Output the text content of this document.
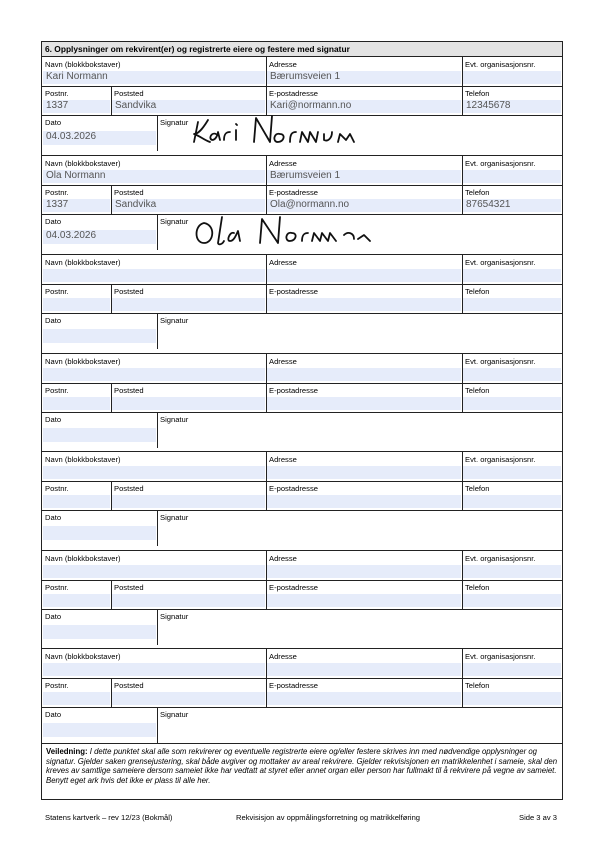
6. Opplysninger om rekvirent(er) og registrerte eiere og festere med signatur
Navn (blokkbokstaver)	Adresse	Evt. organisasjonsnr.
Kari Normann	Bærumsveien 1
Postnr.	Poststed	E-postadresse	Telefon
1337	Sandvika	Kari@normann.no	12345678
Dato	Signatur
04.03.2026
Navn (blokkbokstaver)	Adresse	Evt. organisasjonsnr.
Ola Normann	Bærumsveien 1
Postnr.	Poststed	E-postadresse	Telefon
1337	Sandvika	Ola@normann.no	87654321
Dato	Signatur
04.03.2026
Navn (blokkbokstaver)	Adresse	Evt. organisasjonsnr.
Postnr.	Poststed	E-postadresse	Telefon
Dato	Signatur
Navn (blokkbokstaver)	Adresse	Evt. organisasjonsnr.
Postnr.	Poststed	E-postadresse	Telefon
Dato	Signatur
Navn (blokkbokstaver)	Adresse	Evt. organisasjonsnr.
Postnr.	Poststed	E-postadresse	Telefon
Dato	Signatur
Navn (blokkbokstaver)	Adresse	Evt. organisasjonsnr.
Postnr.	Poststed	E-postadresse	Telefon
Dato	Signatur
Navn (blokkbokstaver)	Adresse	Evt. organisasjonsnr.
Postnr.	Poststed	E-postadresse	Telefon
Dato	Signatur
Veiledning: I dette punktet skal alle som rekvirerer og eventuelle registrerte eiere og/eller festere skrives inn med nødvendige opplysninger og signatur. Gjelder saken grensejustering, skal både avgiver og mottaker av areal rekvirere. Gjelder rekvisisjonen en matrikkelenhet i sameie, skal den kreves av samtlige sameiere dersom sameiet ikke har vedtatt at styret eller annet organ eller person har fullmakt til å rekvirere på vegne av sameiet. Benytt eget ark hvis det ikke er plass til alle her.
Statens kartverk – rev 12/23 (Bokmål)	Rekvisisjon av oppmålingsforretning og matrikkelføring	Side 3 av 3
